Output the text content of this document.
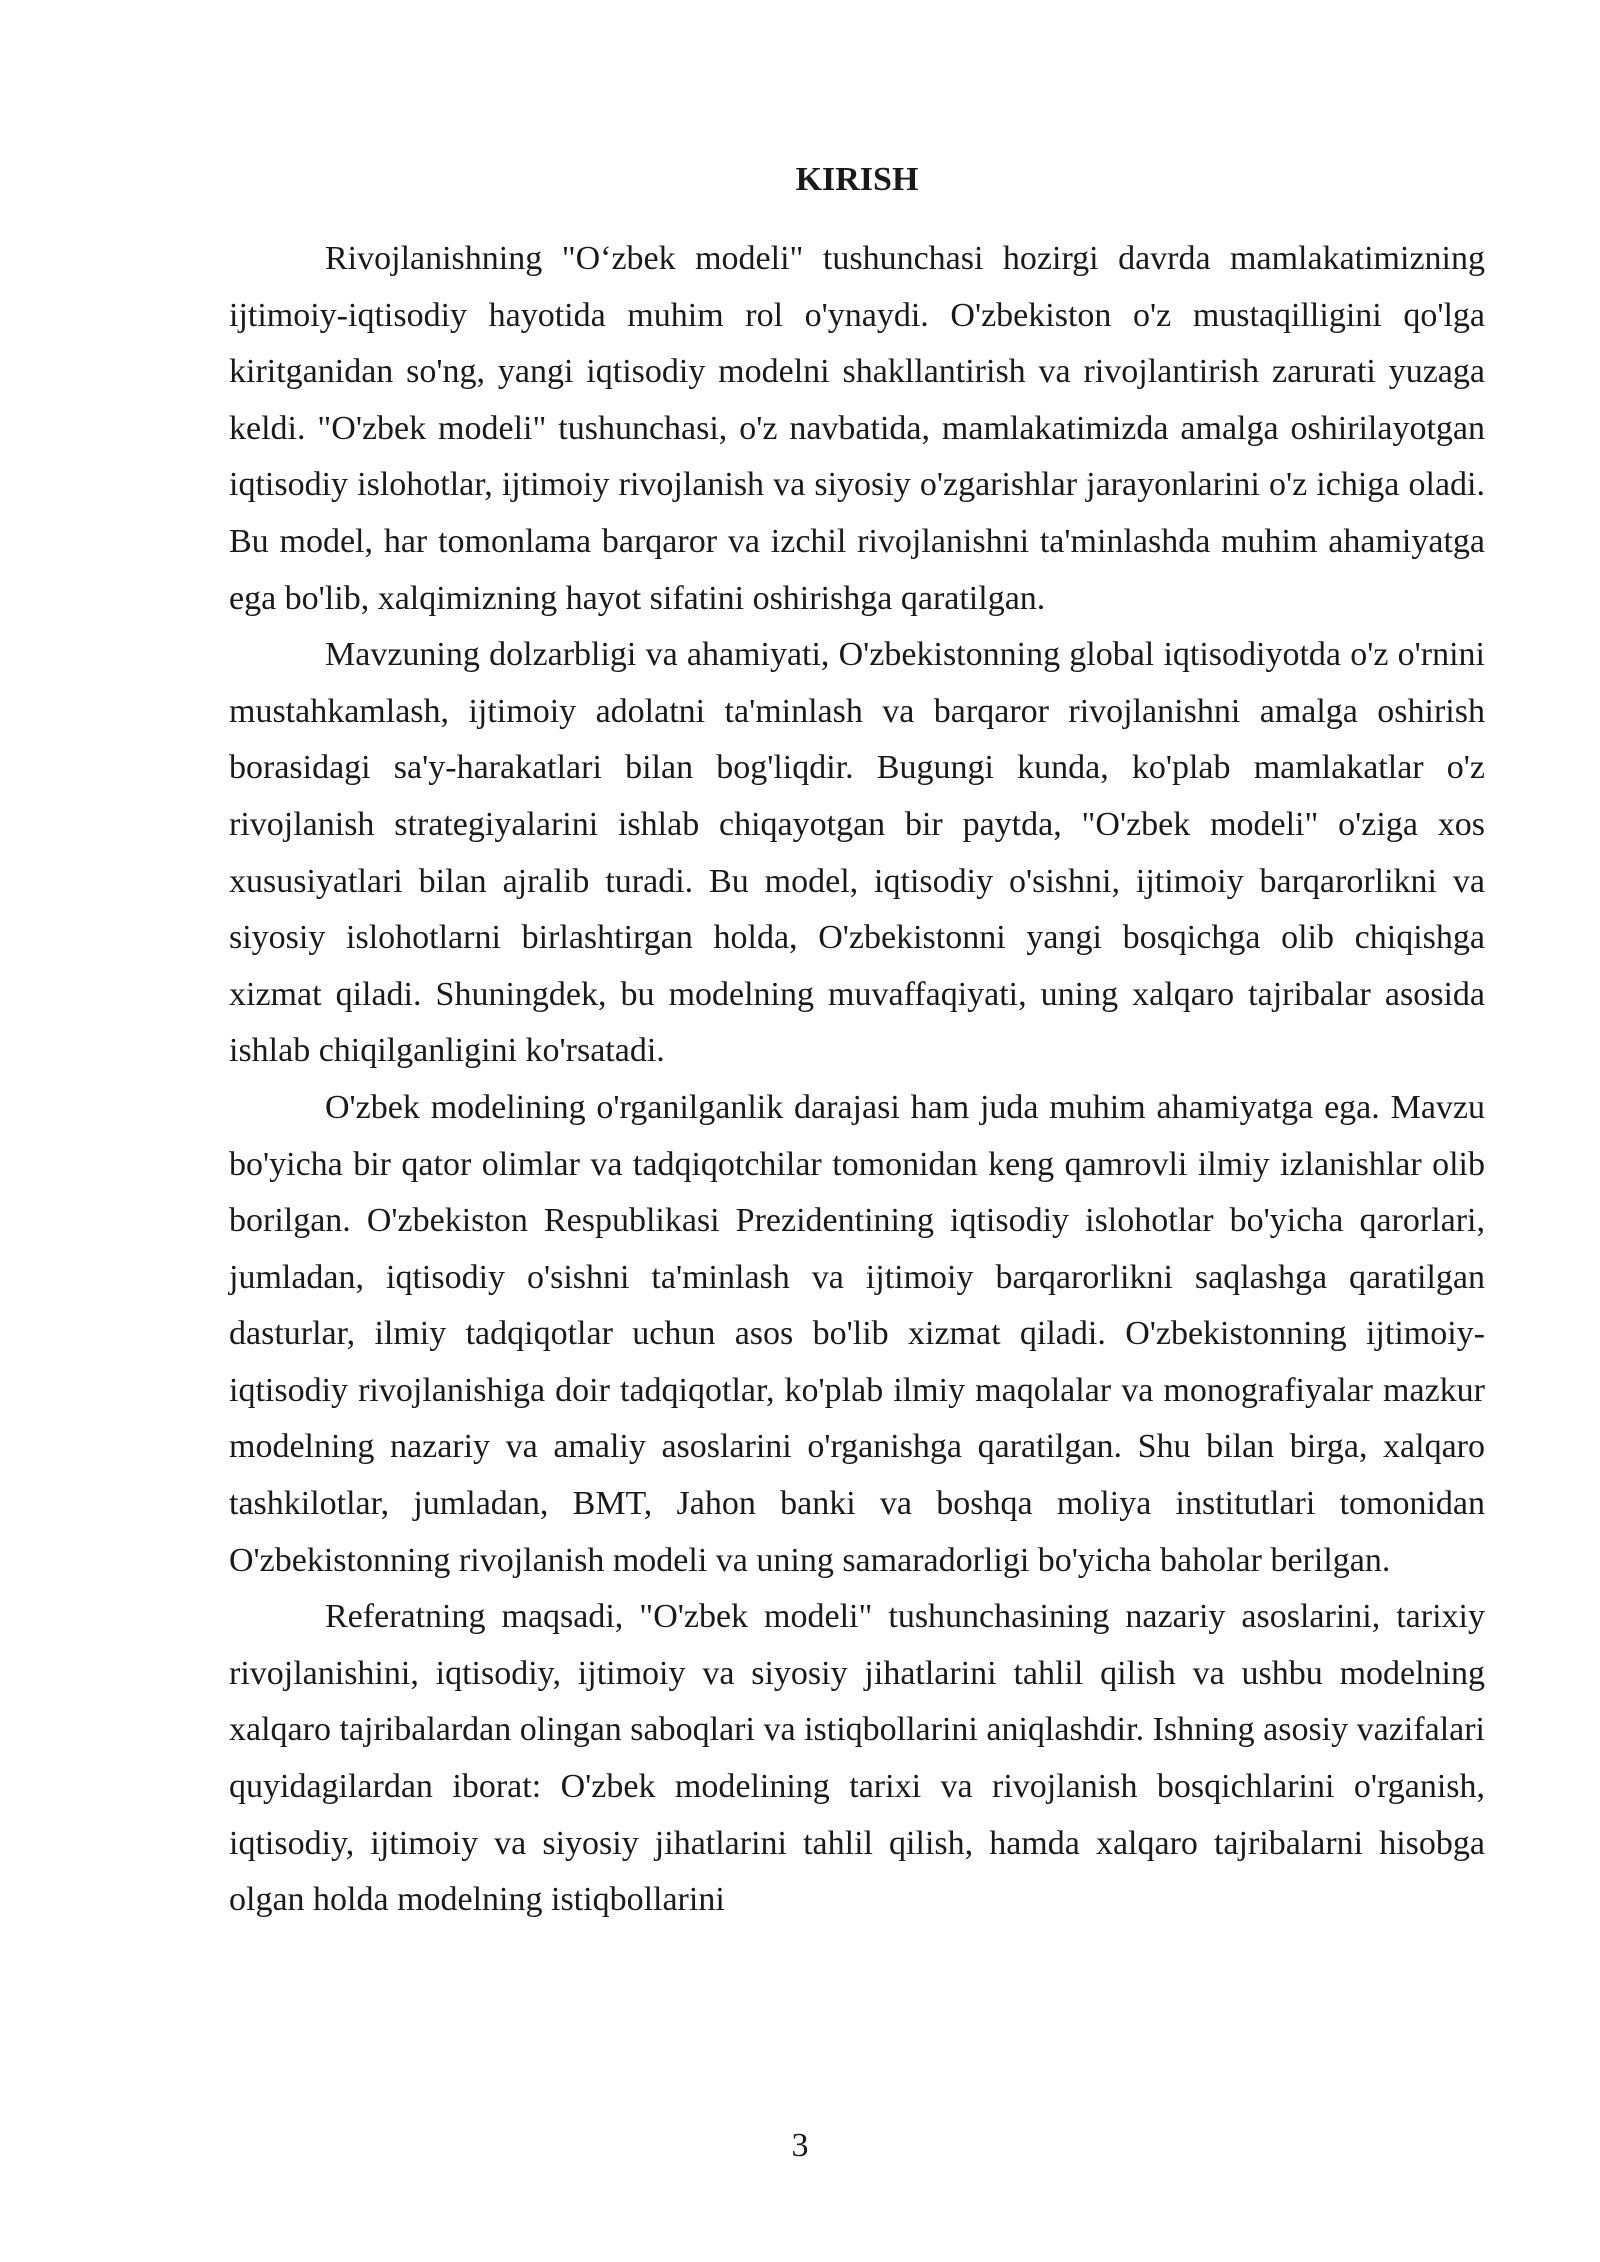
KIRISH

Rivojlanishning "O‘zbek modeli" tushunchasi hozirgi davrda mamlakatimizning ijtimoiy-iqtisodiy hayotida muhim rol o'ynaydi. O'zbekiston o'z mustaqilligini qo'lga kiritganidan so'ng, yangi iqtisodiy modelni shakllantirish va rivojlantirish zarurati yuzaga keldi. "O'zbek modeli" tushunchasi, o'z navbatida, mamlakatimizda amalga oshirilayotgan iqtisodiy islohotlar, ijtimoiy rivojlanish va siyosiy o'zgarishlar jarayonlarini o'z ichiga oladi. Bu model, har tomonlama barqaror va izchil rivojlanishni ta'minlashda muhim ahamiyatga ega bo'lib, xalqimizning hayot sifatini oshirishga qaratilgan.

Mavzuning dolzarbligi va ahamiyati, O'zbekistonning global iqtisodiyotda o'z o'rnini mustahkamlash, ijtimoiy adolatni ta'minlash va barqaror rivojlanishni amalga oshirish borasidagi sa'y-harakatlari bilan bog'liqdir. Bugungi kunda, ko'plab mamlakatlar o'z rivojlanish strategiyalarini ishlab chiqayotgan bir paytda, "O'zbek modeli" o'ziga xos xususiyatlari bilan ajralib turadi. Bu model, iqtisodiy o'sishni, ijtimoiy barqarorlikni va siyosiy islohotlarni birlashtirgan holda, O'zbekistonni yangi bosqichga olib chiqishga xizmat qiladi. Shuningdek, bu modelning muvaffaqiyati, uning xalqaro tajribalar asosida ishlab chiqilganligini ko'rsatadi.

O'zbek modelining o'rganilganlik darajasi ham juda muhim ahamiyatga ega. Mavzu bo'yicha bir qator olimlar va tadqiqotchilar tomonidan keng qamrovli ilmiy izlanishlar olib borilgan. O'zbekiston Respublikasi Prezidentining iqtisodiy islohotlar bo'yicha qarorlari, jumladan, iqtisodiy o'sishni ta'minlash va ijtimoiy barqarorlikni saqlashga qaratilgan dasturlar, ilmiy tadqiqotlar uchun asos bo'lib xizmat qiladi. O'zbekistonning ijtimoiy-iqtisodiy rivojlanishiga doir tadqiqotlar, ko'plab ilmiy maqolalar va monografiyalar mazkur modelning nazariy va amaliy asoslarini o'rganishga qaratilgan. Shu bilan birga, xalqaro tashkilotlar, jumladan, BMT, Jahon banki va boshqa moliya institutlari tomonidan O'zbekistonning rivojlanish modeli va uning samaradorligi bo'yicha baholar berilgan.

Referatning maqsadi, "O'zbek modeli" tushunchasining nazariy asoslarini, tarixiy rivojlanishini, iqtisodiy, ijtimoiy va siyosiy jihatlarini tahlil qilish va ushbu modelning xalqaro tajribalardan olingan saboqlari va istiqbollarini aniqlashdir. Ishning asosiy vazifalari quyidagilardan iborat: O'zbek modelining tarixi va rivojlanish bosqichlarini o'rganish, iqtisodiy, ijtimoiy va siyosiy jihatlarini tahlil qilish, hamda xalqaro tajribalarni hisobga olgan holda modelning istiqbollarini

3
